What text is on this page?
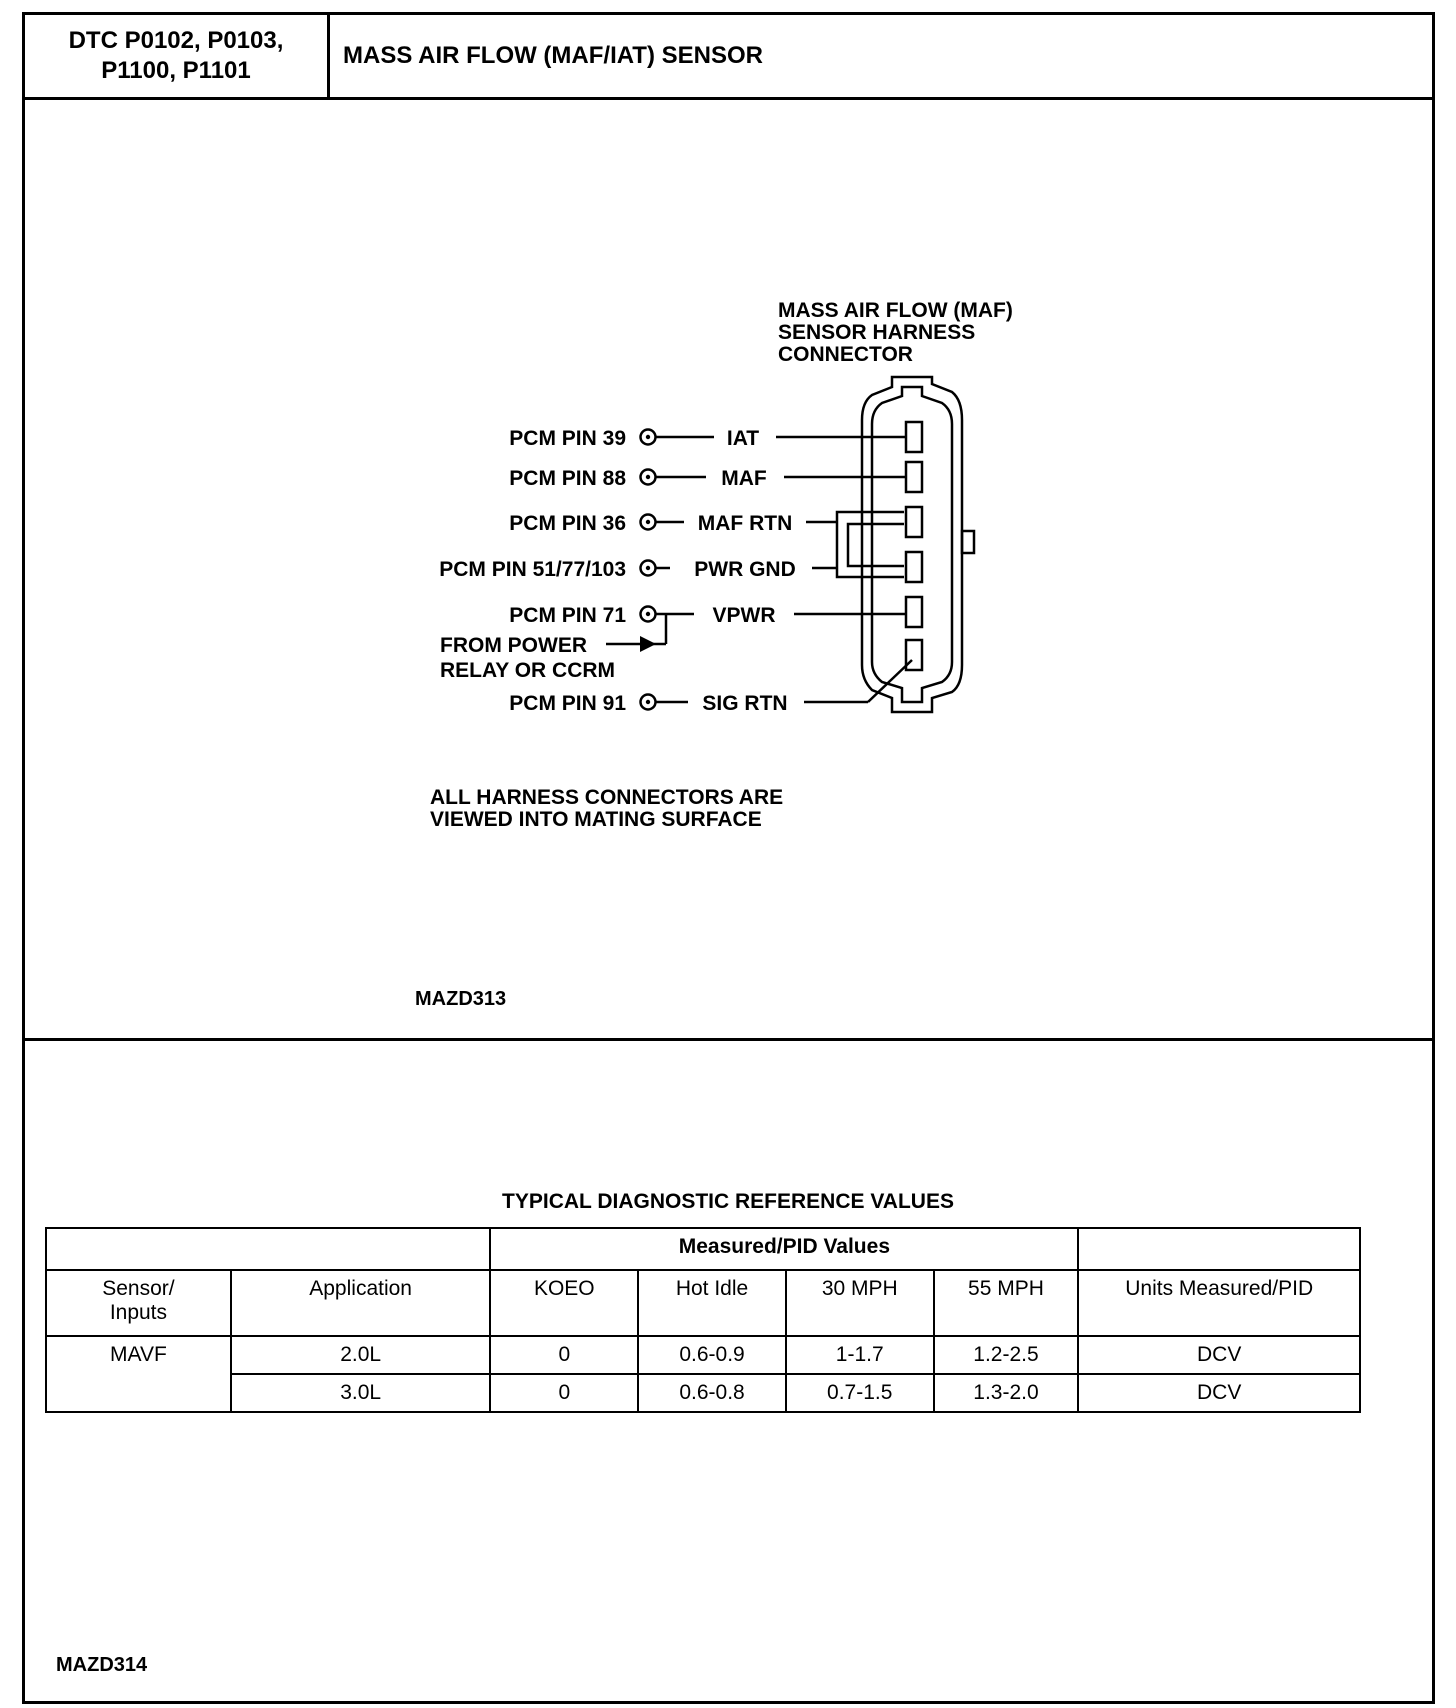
DTC P0102, P0103,
P1100, P1101
MASS AIR FLOW (MAF/IAT) SENSOR
MASS AIR FLOW (MAF)
SENSOR HARNESS
CONNECTOR
PCM PIN 39	IAT
PCM PIN 88	MAF
PCM PIN 36	MAF RTN
PCM PIN 51/77/103	PWR GND
PCM PIN 71	VPWR
FROM POWER
RELAY OR CCRM
PCM PIN 91	SIG RTN
ALL HARNESS CONNECTORS ARE
VIEWED INTO MATING SURFACE
MAZD313
TYPICAL DIAGNOSTIC REFERENCE VALUES
		Measured/PID Values				
Sensor/ Inputs	Application	KOEO	Hot Idle	30 MPH	55 MPH	Units Measured/PID
MAVF	2.0L	0	0.6-0.9	1-1.7	1.2-2.5	DCV
	3.0L	0	0.6-0.8	0.7-1.5	1.3-2.0	DCV
MAZD314
